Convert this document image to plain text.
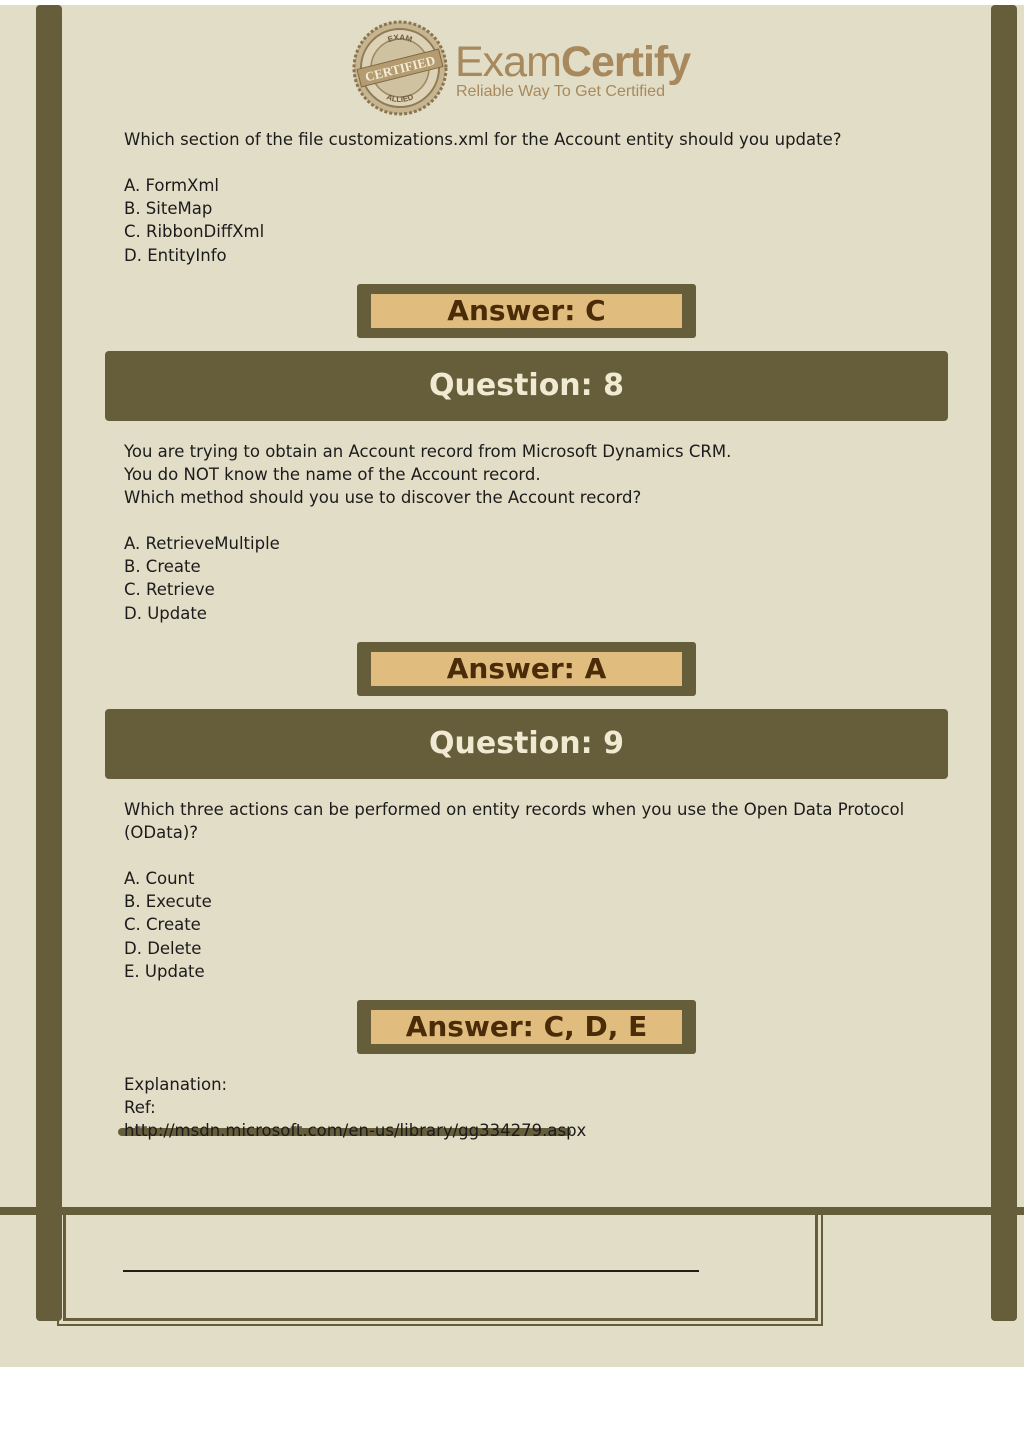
EXAM
ALLIED
CERTIFIED ExamCertify
Reliable Way To Get Certified
Which section of the file customizations.xml for the Account entity should you update?
A. FormXml
B. SiteMap
C. RibbonDiffXml
D. EntityInfo
Answer: C
Question: 8
You are trying to obtain an Account record from Microsoft Dynamics CRM.
You do NOT know the name of the Account record.
Which method should you use to discover the Account record?
A. RetrieveMultiple
B. Create
C. Retrieve
D. Update
Answer: A
Question: 9
Which three actions can be performed on entity records when you use the Open Data Protocol
(OData)?
A. Count
B. Execute
C. Create
D. Delete
E. Update
Answer: C, D, E
Explanation:
Ref:
http://msdn.microsoft.com/en-us/library/gg334279.aspx
